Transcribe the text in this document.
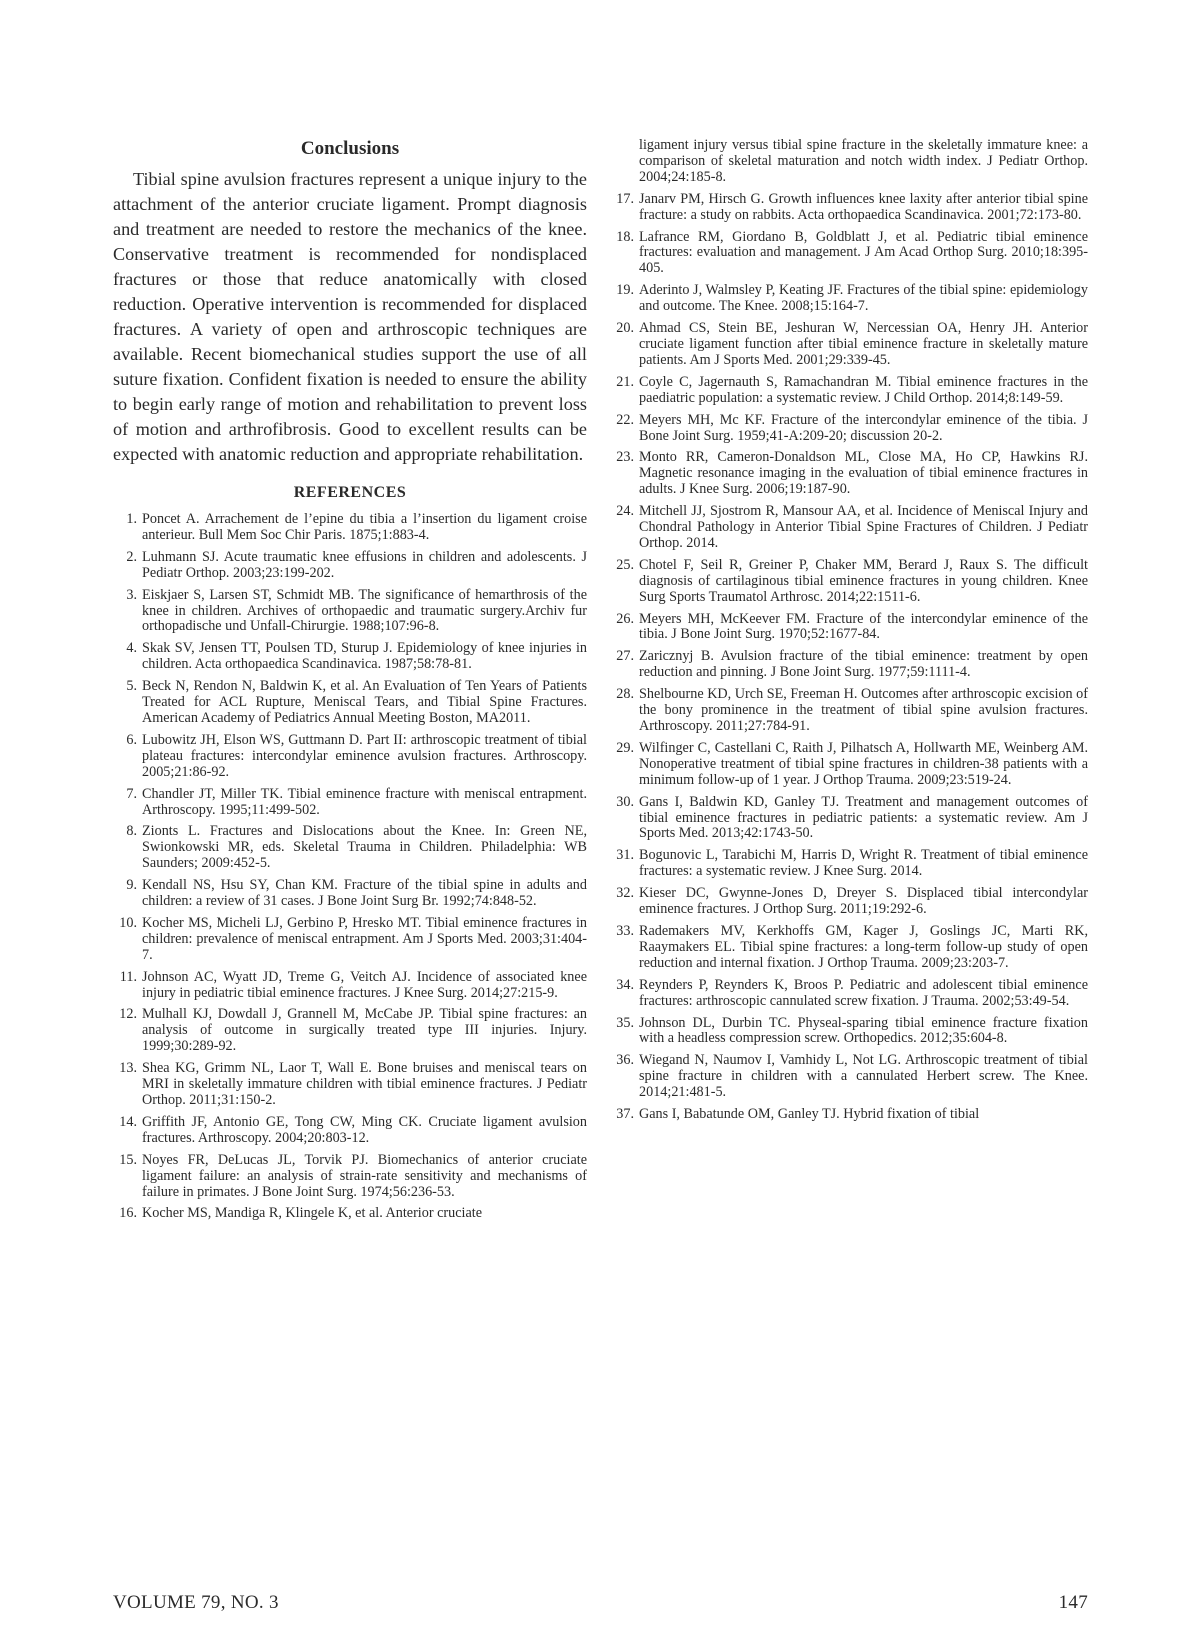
Conclusions

Tibial spine avulsion fractures represent a unique injury to the attachment of the anterior cruciate ligament. Prompt diagnosis and treatment are needed to restore the mechanics of the knee. Conservative treatment is recommended for nondisplaced fractures or those that reduce anatomically with closed reduction. Operative intervention is recommended for displaced fractures. A variety of open and arthroscopic techniques are available. Recent biomechanical studies support the use of all suture fixation. Confident fixation is needed to ensure the ability to begin early range of motion and rehabilitation to prevent loss of motion and arthrofibrosis. Good to excellent results can be expected with anatomic reduction and appropriate rehabilitation.

REFERENCES
1. Poncet A. Arrachement de l’epine du tibia a l’insertion du ligament croise anterieur. Bull Mem Soc Chir Paris. 1875;1:883-4.
2. Luhmann SJ. Acute traumatic knee effusions in children and adolescents. J Pediatr Orthop. 2003;23:199-202.
3. Eiskjaer S, Larsen ST, Schmidt MB. The significance of hemarthrosis of the knee in children. Archives of orthopaedic and traumatic surgery.Archiv fur orthopadische und Unfall-Chirurgie. 1988;107:96-8.
4. Skak SV, Jensen TT, Poulsen TD, Sturup J. Epidemiology of knee injuries in children. Acta orthopaedica Scandinavica. 1987;58:78-81.
5. Beck N, Rendon N, Baldwin K, et al. An Evaluation of Ten Years of Patients Treated for ACL Rupture, Meniscal Tears, and Tibial Spine Fractures. American Academy of Pediatrics Annual Meeting Boston, MA2011.
6. Lubowitz JH, Elson WS, Guttmann D. Part II: arthroscopic treatment of tibial plateau fractures: intercondylar eminence avulsion fractures. Arthroscopy. 2005;21:86-92.
7. Chandler JT, Miller TK. Tibial eminence fracture with meniscal entrapment. Arthroscopy. 1995;11:499-502.
8. Zionts L. Fractures and Dislocations about the Knee. In: Green NE, Swionkowski MR, eds. Skeletal Trauma in Children. Philadelphia: WB Saunders; 2009:452-5.
9. Kendall NS, Hsu SY, Chan KM. Fracture of the tibial spine in adults and children: a review of 31 cases. J Bone Joint Surg Br. 1992;74:848-52.
10. Kocher MS, Micheli LJ, Gerbino P, Hresko MT. Tibial eminence fractures in children: prevalence of meniscal entrapment. Am J Sports Med. 2003;31:404-7.
11. Johnson AC, Wyatt JD, Treme G, Veitch AJ. Incidence of associated knee injury in pediatric tibial eminence fractures. J Knee Surg. 2014;27:215-9.
12. Mulhall KJ, Dowdall J, Grannell M, McCabe JP. Tibial spine fractures: an analysis of outcome in surgically treated type III injuries. Injury. 1999;30:289-92.
13. Shea KG, Grimm NL, Laor T, Wall E. Bone bruises and meniscal tears on MRI in skeletally immature children with tibial eminence fractures. J Pediatr Orthop. 2011;31:150-2.
14. Griffith JF, Antonio GE, Tong CW, Ming CK. Cruciate ligament avulsion fractures. Arthroscopy. 2004;20:803-12.
15. Noyes FR, DeLucas JL, Torvik PJ. Biomechanics of anterior cruciate ligament failure: an analysis of strain-rate sensitivity and mechanisms of failure in primates. J Bone Joint Surg. 1974;56:236-53.
16. Kocher MS, Mandiga R, Klingele K, et al. Anterior cruciate
ligament injury versus tibial spine fracture in the skeletally immature knee: a comparison of skeletal maturation and notch width index. J Pediatr Orthop. 2004;24:185-8.
17. Janarv PM, Hirsch G. Growth influences knee laxity after anterior tibial spine fracture: a study on rabbits. Acta orthopaedica Scandinavica. 2001;72:173-80.
18. Lafrance RM, Giordano B, Goldblatt J, et al. Pediatric tibial eminence fractures: evaluation and management. J Am Acad Orthop Surg. 2010;18:395-405.
19. Aderinto J, Walmsley P, Keating JF. Fractures of the tibial spine: epidemiology and outcome. The Knee. 2008;15:164-7.
20. Ahmad CS, Stein BE, Jeshuran W, Nercessian OA, Henry JH. Anterior cruciate ligament function after tibial eminence fracture in skeletally mature patients. Am J Sports Med. 2001;29:339-45.
21. Coyle C, Jagernauth S, Ramachandran M. Tibial eminence fractures in the paediatric population: a systematic review. J Child Orthop. 2014;8:149-59.
22. Meyers MH, Mc KF. Fracture of the intercondylar eminence of the tibia. J Bone Joint Surg. 1959;41-A:209-20; discussion 20-2.
23. Monto RR, Cameron-Donaldson ML, Close MA, Ho CP, Hawkins RJ. Magnetic resonance imaging in the evaluation of tibial eminence fractures in adults. J Knee Surg. 2006;19:187-90.
24. Mitchell JJ, Sjostrom R, Mansour AA, et al. Incidence of Meniscal Injury and Chondral Pathology in Anterior Tibial Spine Fractures of Children. J Pediatr Orthop. 2014.
25. Chotel F, Seil R, Greiner P, Chaker MM, Berard J, Raux S. The difficult diagnosis of cartilaginous tibial eminence fractures in young children. Knee Surg Sports Traumatol Arthrosc. 2014;22:1511-6.
26. Meyers MH, McKeever FM. Fracture of the intercondylar eminence of the tibia. J Bone Joint Surg. 1970;52:1677-84.
27. Zaricznyj B. Avulsion fracture of the tibial eminence: treatment by open reduction and pinning. J Bone Joint Surg. 1977;59:1111-4.
28. Shelbourne KD, Urch SE, Freeman H. Outcomes after arthroscopic excision of the bony prominence in the treatment of tibial spine avulsion fractures. Arthroscopy. 2011;27:784-91.
29. Wilfinger C, Castellani C, Raith J, Pilhatsch A, Hollwarth ME, Weinberg AM. Nonoperative treatment of tibial spine fractures in children-38 patients with a minimum follow-up of 1 year. J Orthop Trauma. 2009;23:519-24.
30. Gans I, Baldwin KD, Ganley TJ. Treatment and management outcomes of tibial eminence fractures in pediatric patients: a systematic review. Am J Sports Med. 2013;42:1743-50.
31. Bogunovic L, Tarabichi M, Harris D, Wright R. Treatment of tibial eminence fractures: a systematic review. J Knee Surg. 2014.
32. Kieser DC, Gwynne-Jones D, Dreyer S. Displaced tibial intercondylar eminence fractures. J Orthop Surg. 2011;19:292-6.
33. Rademakers MV, Kerkhoffs GM, Kager J, Goslings JC, Marti RK, Raaymakers EL. Tibial spine fractures: a long-term follow-up study of open reduction and internal fixation. J Orthop Trauma. 2009;23:203-7.
34. Reynders P, Reynders K, Broos P. Pediatric and adolescent tibial eminence fractures: arthroscopic cannulated screw fixation. J Trauma. 2002;53:49-54.
35. Johnson DL, Durbin TC. Physeal-sparing tibial eminence fracture fixation with a headless compression screw. Orthopedics. 2012;35:604-8.
36. Wiegand N, Naumov I, Vamhidy L, Not LG. Arthroscopic treatment of tibial spine fracture in children with a cannulated Herbert screw. The Knee. 2014;21:481-5.
37. Gans I, Babatunde OM, Ganley TJ. Hybrid fixation of tibial
VOLUME 79, NO. 3	147
